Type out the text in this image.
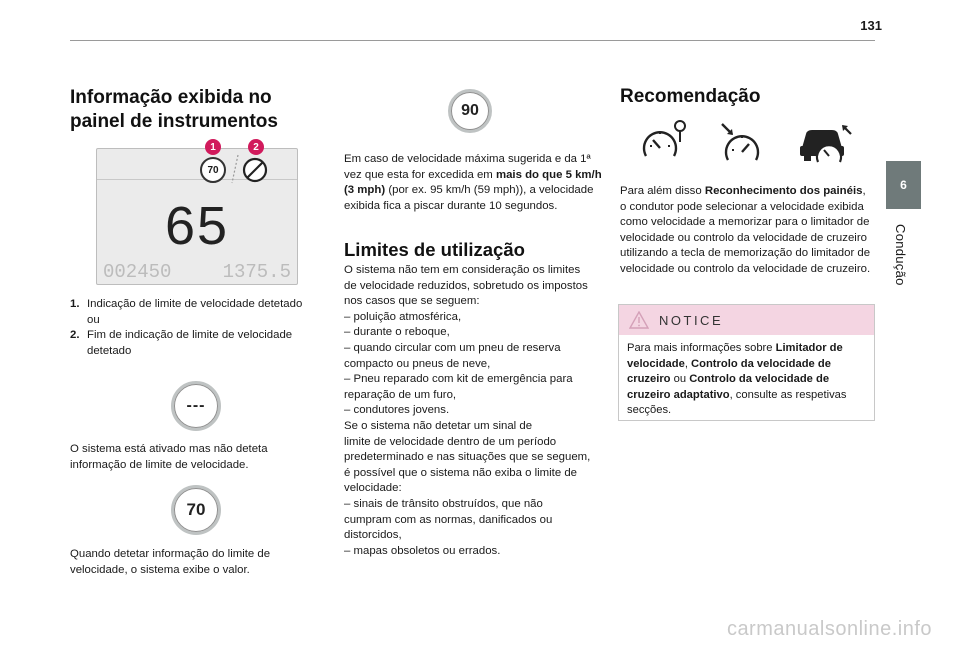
131
6
Condução
Informação exibida no
painel de instrumentos
70
65
002450	1375.5
1	2
1. Indicação de limite de velocidade detetado
ou
2. Fim de indicação de limite de velocidade detetado
---

O sistema está ativado mas não deteta informação de limite de velocidade.

70

Quando detetar informação do limite de velocidade, o sistema exibe o valor.

90

Em caso de velocidade máxima sugerida e da 1ª vez que esta for excedida em mais do que 5 km/h (3 mph) (por ex. 95 km/h (59 mph)), a velocidade exibida fica a piscar durante 10 segundos.

Limites de utilização

O sistema não tem em consideração os limites

de velocidade reduzidos, sobretudo os impostos

nos casos que se seguem:

– poluição atmosférica,

– durante o reboque,

– quando circular com um pneu de reserva

compacto ou pneus de neve,

– Pneu reparado com kit de emergência para

reparação de um furo,

– condutores jovens.

Se o sistema não detetar um sinal de

limite de velocidade dentro de um período

predeterminado e nas situações que se seguem,

é possível que o sistema não exiba o limite de

velocidade:

– sinais de trânsito obstruídos, que não

cumpram com as normas, danificados ou

distorcidos,

– mapas obsoletos ou errados.

Recomendação

Para além disso Reconhecimento dos painéis, o condutor pode selecionar a velocidade exibida como velocidade a memorizar para o limitador de velocidade ou controlo da velocidade de cruzeiro utilizando a tecla de memorização do limitador de velocidade ou controlo da velocidade de cruzeiro.

NOTICE

Para mais informações sobre Limitador de velocidade, Controlo da velocidade de cruzeiro ou Controlo da velocidade de cruzeiro adaptativo, consulte as respetivas secções.

carmanualsonline.info
